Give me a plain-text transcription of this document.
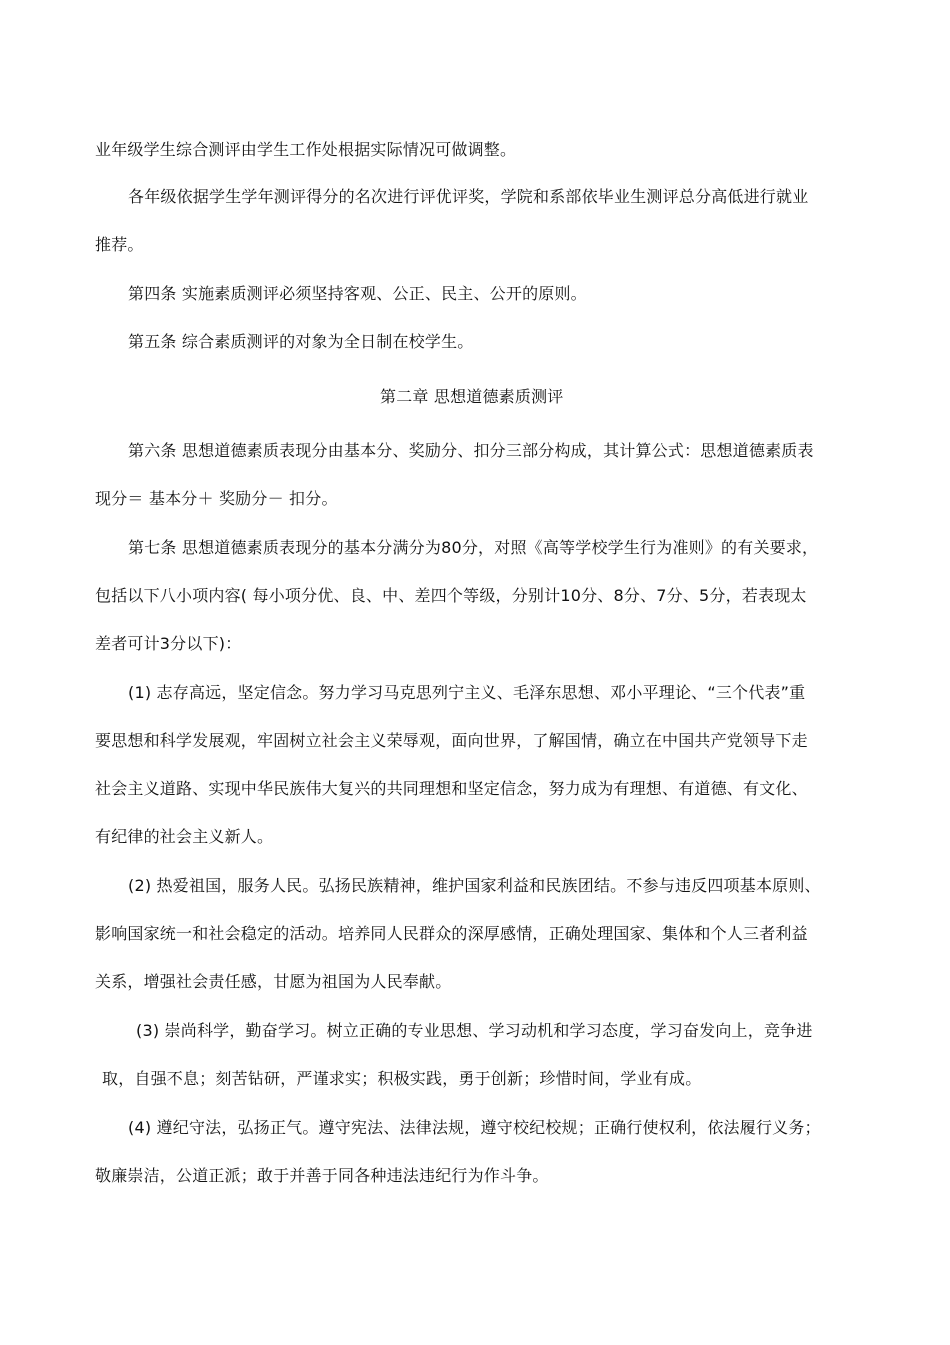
业年级学生综合测评由学生工作处根据实际情况可做调整。
各年级依据学生学年测评得分的名次进行评优评奖，学院和系部依毕业生测评总分高低进行就业
推荐。
第四条 实施素质测评必须坚持客观、公正、民主、公开的原则。
第五条 综合素质测评的对象为全日制在校学生。
第二章 思想道德素质测评
第六条 思想道德素质表现分由基本分、奖励分、扣分三部分构成，其计算公式：思想道德素质表
现分＝ 基本分＋ 奖励分－ 扣分。
第七条 思想道德素质表现分的基本分满分为80分，对照《高等学校学生行为准则》的有关要求，
包括以下八小项内容( 每小项分优、良、中、差四个等级，分别计10分、8分、7分、5分，若表现太
差者可计3分以下)：
(1) 志存高远，坚定信念。努力学习马克思列宁主义、毛泽东思想、邓小平理论、“三个代表”重
要思想和科学发展观，牢固树立社会主义荣辱观，面向世界，了解国情，确立在中国共产党领导下走
社会主义道路、实现中华民族伟大复兴的共同理想和坚定信念，努力成为有理想、有道德、有文化、
有纪律的社会主义新人。
(2) 热爱祖国，服务人民。弘扬民族精神，维护国家利益和民族团结。不参与违反四项基本原则、
影响国家统一和社会稳定的活动。培养同人民群众的深厚感情，正确处理国家、集体和个人三者利益
关系，增强社会责任感，甘愿为祖国为人民奉献。
(3) 崇尚科学，勤奋学习。树立正确的专业思想、学习动机和学习态度，学习奋发向上，竞争进
取，自强不息；刻苦钻研，严谨求实；积极实践，勇于创新；珍惜时间，学业有成。
(4) 遵纪守法，弘扬正气。遵守宪法、法律法规，遵守校纪校规；正确行使权利，依法履行义务；
敬廉崇洁，公道正派；敢于并善于同各种违法违纪行为作斗争。
